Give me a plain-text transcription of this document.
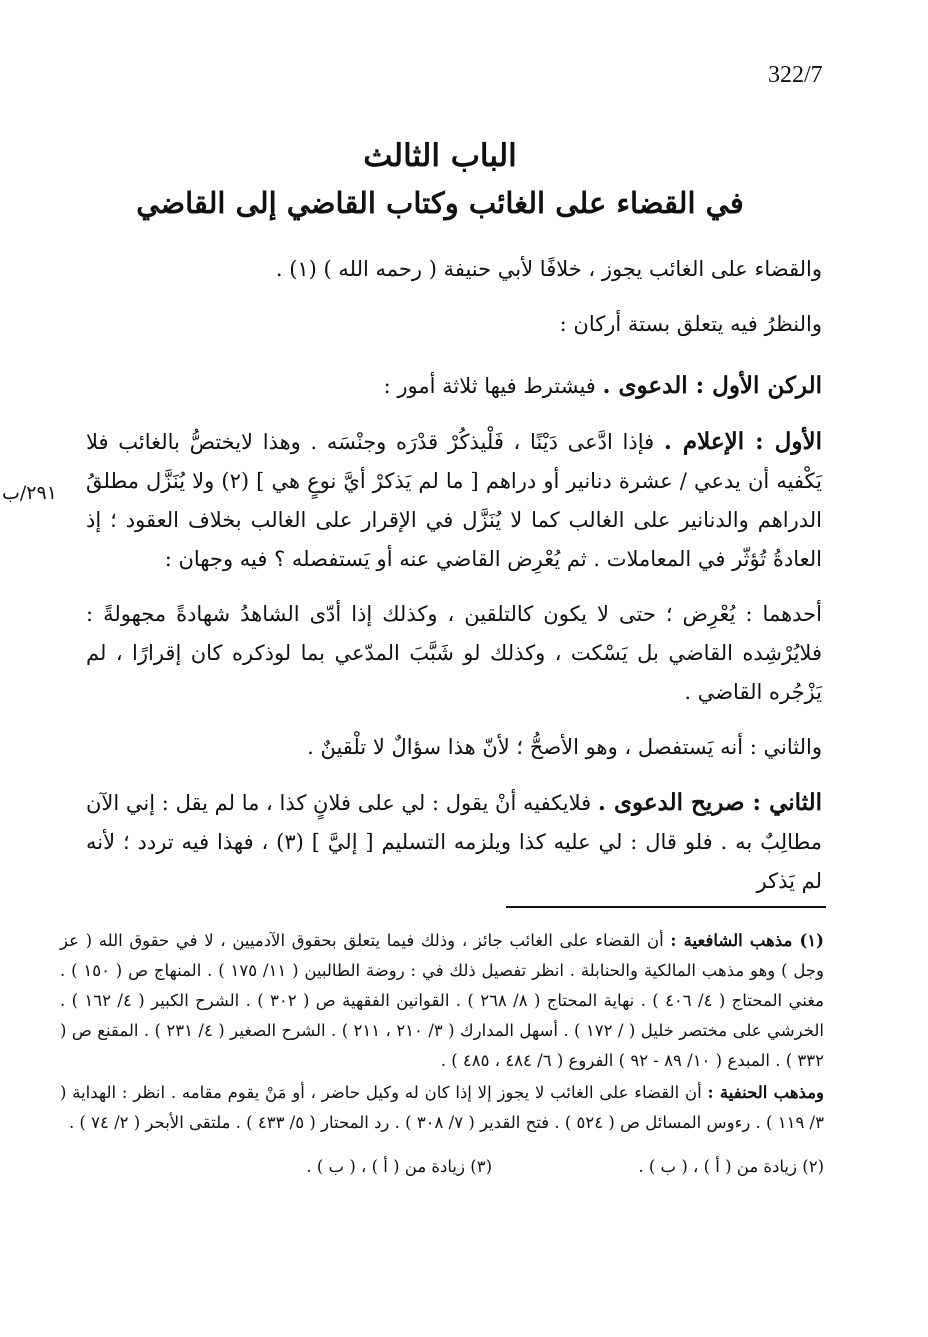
322/7
الباب الثالث
في القضاء على الغائب وكتاب القاضي إلى القاضي

والقضاء على الغائب يجوز ، خلافًا لأبي حنيفة ( رحمه الله ) (١) .

والنظرُ فيه يتعلق بستة أركان :

الركن الأول : الدعوى . فيشترط فيها ثلاثة أمور :

الأول : الإعلام . فإذا ادَّعى دَيْنًا ، فَلْيذكُرْ قدْرَه وجنْسَه . وهذا لايختصُّ بالغائب فلا يَكْفيه أن يدعي / عشرة دنانير أو دراهم [ ما لم يَذكرْ أيَّ نوعٍ هي ] (٢) ولا يُنَزَّل مطلقُ الدراهم والدنانير على الغالب كما لا يُنَزَّل في الإقرار على الغالب بخلاف العقود ؛ إذ العادةُ تُؤثّر في المعاملات . ثم يُعْرِض القاضي عنه أو يَستفصله ؟ فيه وجهان :

أحدهما : يُعْرِض ؛ حتى لا يكون كالتلقين ، وكذلك إذا أدّى الشاهدُ شهادةً مجهولةً : فلايُرْشِده القاضي بل يَسْكت ، وكذلك لو شَبَّبَ المدّعي بما لوذكره كان إقرارًا ، لم يَزْجُره القاضي .

والثاني : أنه يَستفصل ، وهو الأصحُّ ؛ لأنّ هذا سؤالٌ لا تلْقينٌ .

الثاني : صريح الدعوى . فلايكفيه أنْ يقول : لي على فلانٍ كذا ، ما لم يقل : إني الآن مطالِبٌ به . فلو قال : لي عليه كذا ويلزمه التسليم [ إليَّ ] (٣) ، فهذا فيه تردد ؛ لأنه لم يَذكر

٢٩١/ب

(١) مذهب الشافعية : أن القضاء على الغائب جائز ، وذلك فيما يتعلق بحقوق الآدميين ، لا في حقوق الله ( عز وجل ) وهو مذهب المالكية والحنابلة . انظر تفصيل ذلك في : روضة الطالبين ( ١١/ ١٧٥ ) . المنهاج ص ( ١٥٠ ) . مغني المحتاج ( ٤/ ٤٠٦ ) . نهاية المحتاج ( ٨/ ٢٦٨ ) . القوانين الفقهية ص ( ٣٠٢ ) . الشرح الكبير ( ٤/ ١٦٢ ) . الخرشي على مختصر خليل ( / ١٧٢ ) . أسهل المدارك ( ٣/ ٢١٠ ، ٢١١ ) . الشرح الصغير ( ٤/ ٢٣١ ) . المقنع ص ( ٣٣٢ ) . المبدع ( ١٠/ ٨٩ - ٩٢ ) الفروع ( ٦/ ٤٨٤ ، ٤٨٥ ) .

ومذهب الحنفية : أن القضاء على الغائب لا يجوز إلا إذا كان له وكيل حاضر ، أو مَنْ يقوم مقامه . انظر : الهداية ( ٣/ ١١٩ ) . رءوس المسائل ص ( ٥٢٤ ) . فتح القدير ( ٧/ ٣٠٨ ) . رد المحتار ( ٥/ ٤٣٣ ) . ملتقى الأبحر ( ٢/ ٧٤ ) .

(٢) زيادة من ( أ ) ، ( ب ) .
(٣) زيادة من ( أ ) ، ( ب ) .
